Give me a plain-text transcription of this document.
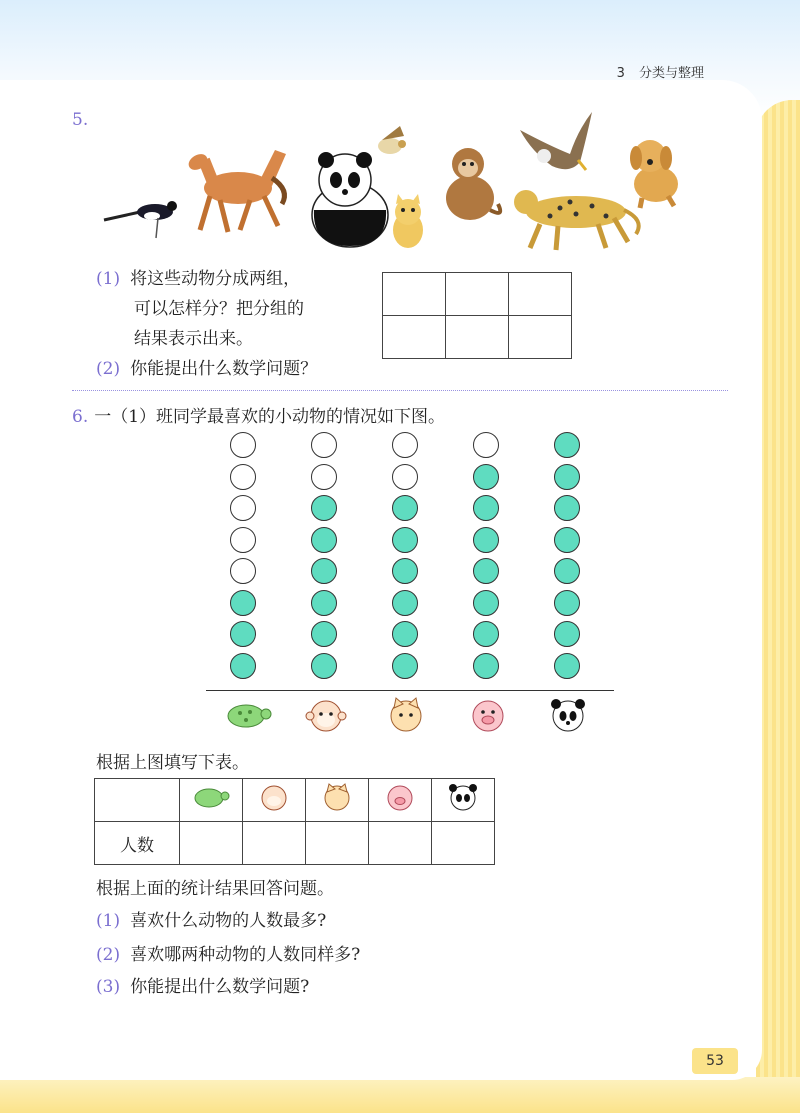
3 分类与整理
5.
(1) 将这些动物分成两组，
可以怎样分？把分组的
结果表示出来。
(2) 你能提出什么数学问题？

6. 一（1）班同学最喜欢的小动物的情况如下图。
根据上图填写下表。

人数					
根据上面的统计结果回答问题。
(1) 喜欢什么动物的人数最多?
(2) 喜欢哪两种动物的人数同样多?
(3) 你能提出什么数学问题?
53
